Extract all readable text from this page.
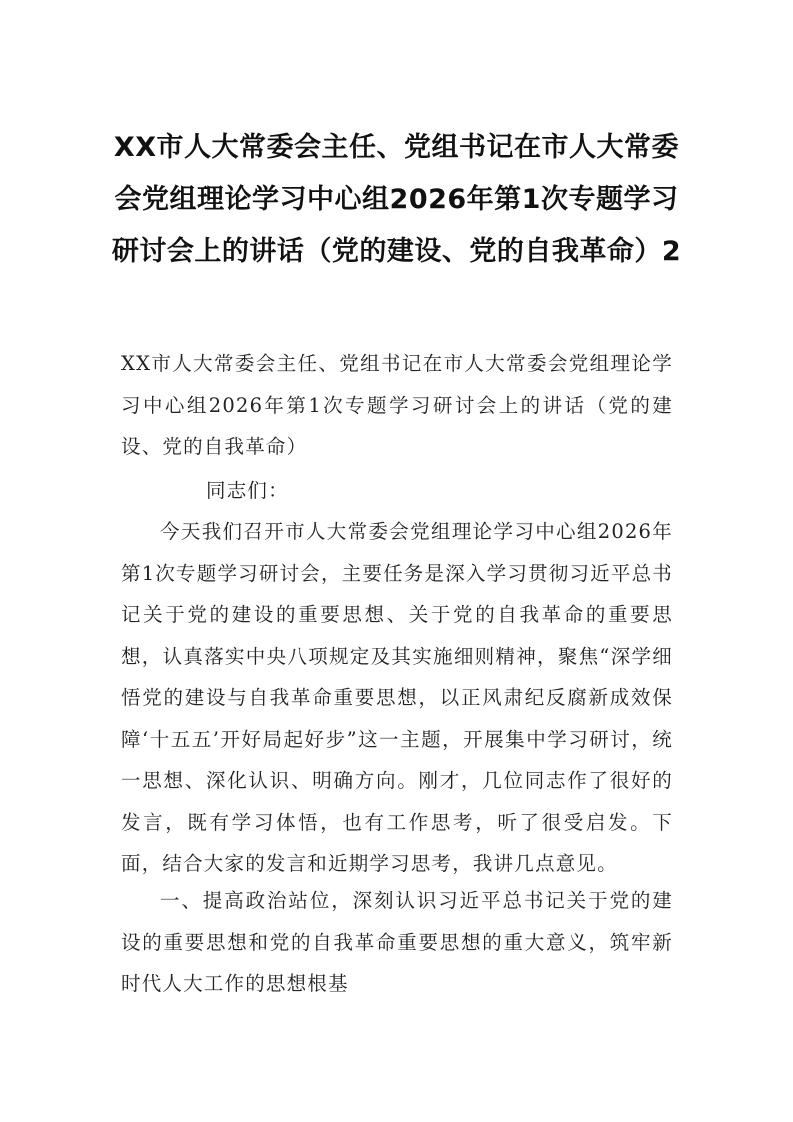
XX市人大常委会主任、党组书记在市人大常委会党组理论学习中心组2026年第1次专题学习研讨会上的讲话（党的建设、党的自我革命）2

XX市人大常委会主任、党组书记在市人大常委会党组理论学习中心组2026年第1次专题学习研讨会上的讲话（党的建设、党的自我革命）

同志们：

今天我们召开市人大常委会党组理论学习中心组2026年第1次专题学习研讨会，主要任务是深入学习贯彻习近平总书记关于党的建设的重要思想、关于党的自我革命的重要思想，认真落实中央八项规定及其实施细则精神，聚焦“深学细悟党的建设与自我革命重要思想，以正风肃纪反腐新成效保障‘十五五’开好局起好步”这一主题，开展集中学习研讨，统一思想、深化认识、明确方向。刚才，几位同志作了很好的发言，既有学习体悟，也有工作思考，听了很受启发。下面，结合大家的发言和近期学习思考，我讲几点意见。

一、提高政治站位，深刻认识习近平总书记关于党的建设的重要思想和党的自我革命重要思想的重大意义，筑牢新时代人大工作的思想根基
